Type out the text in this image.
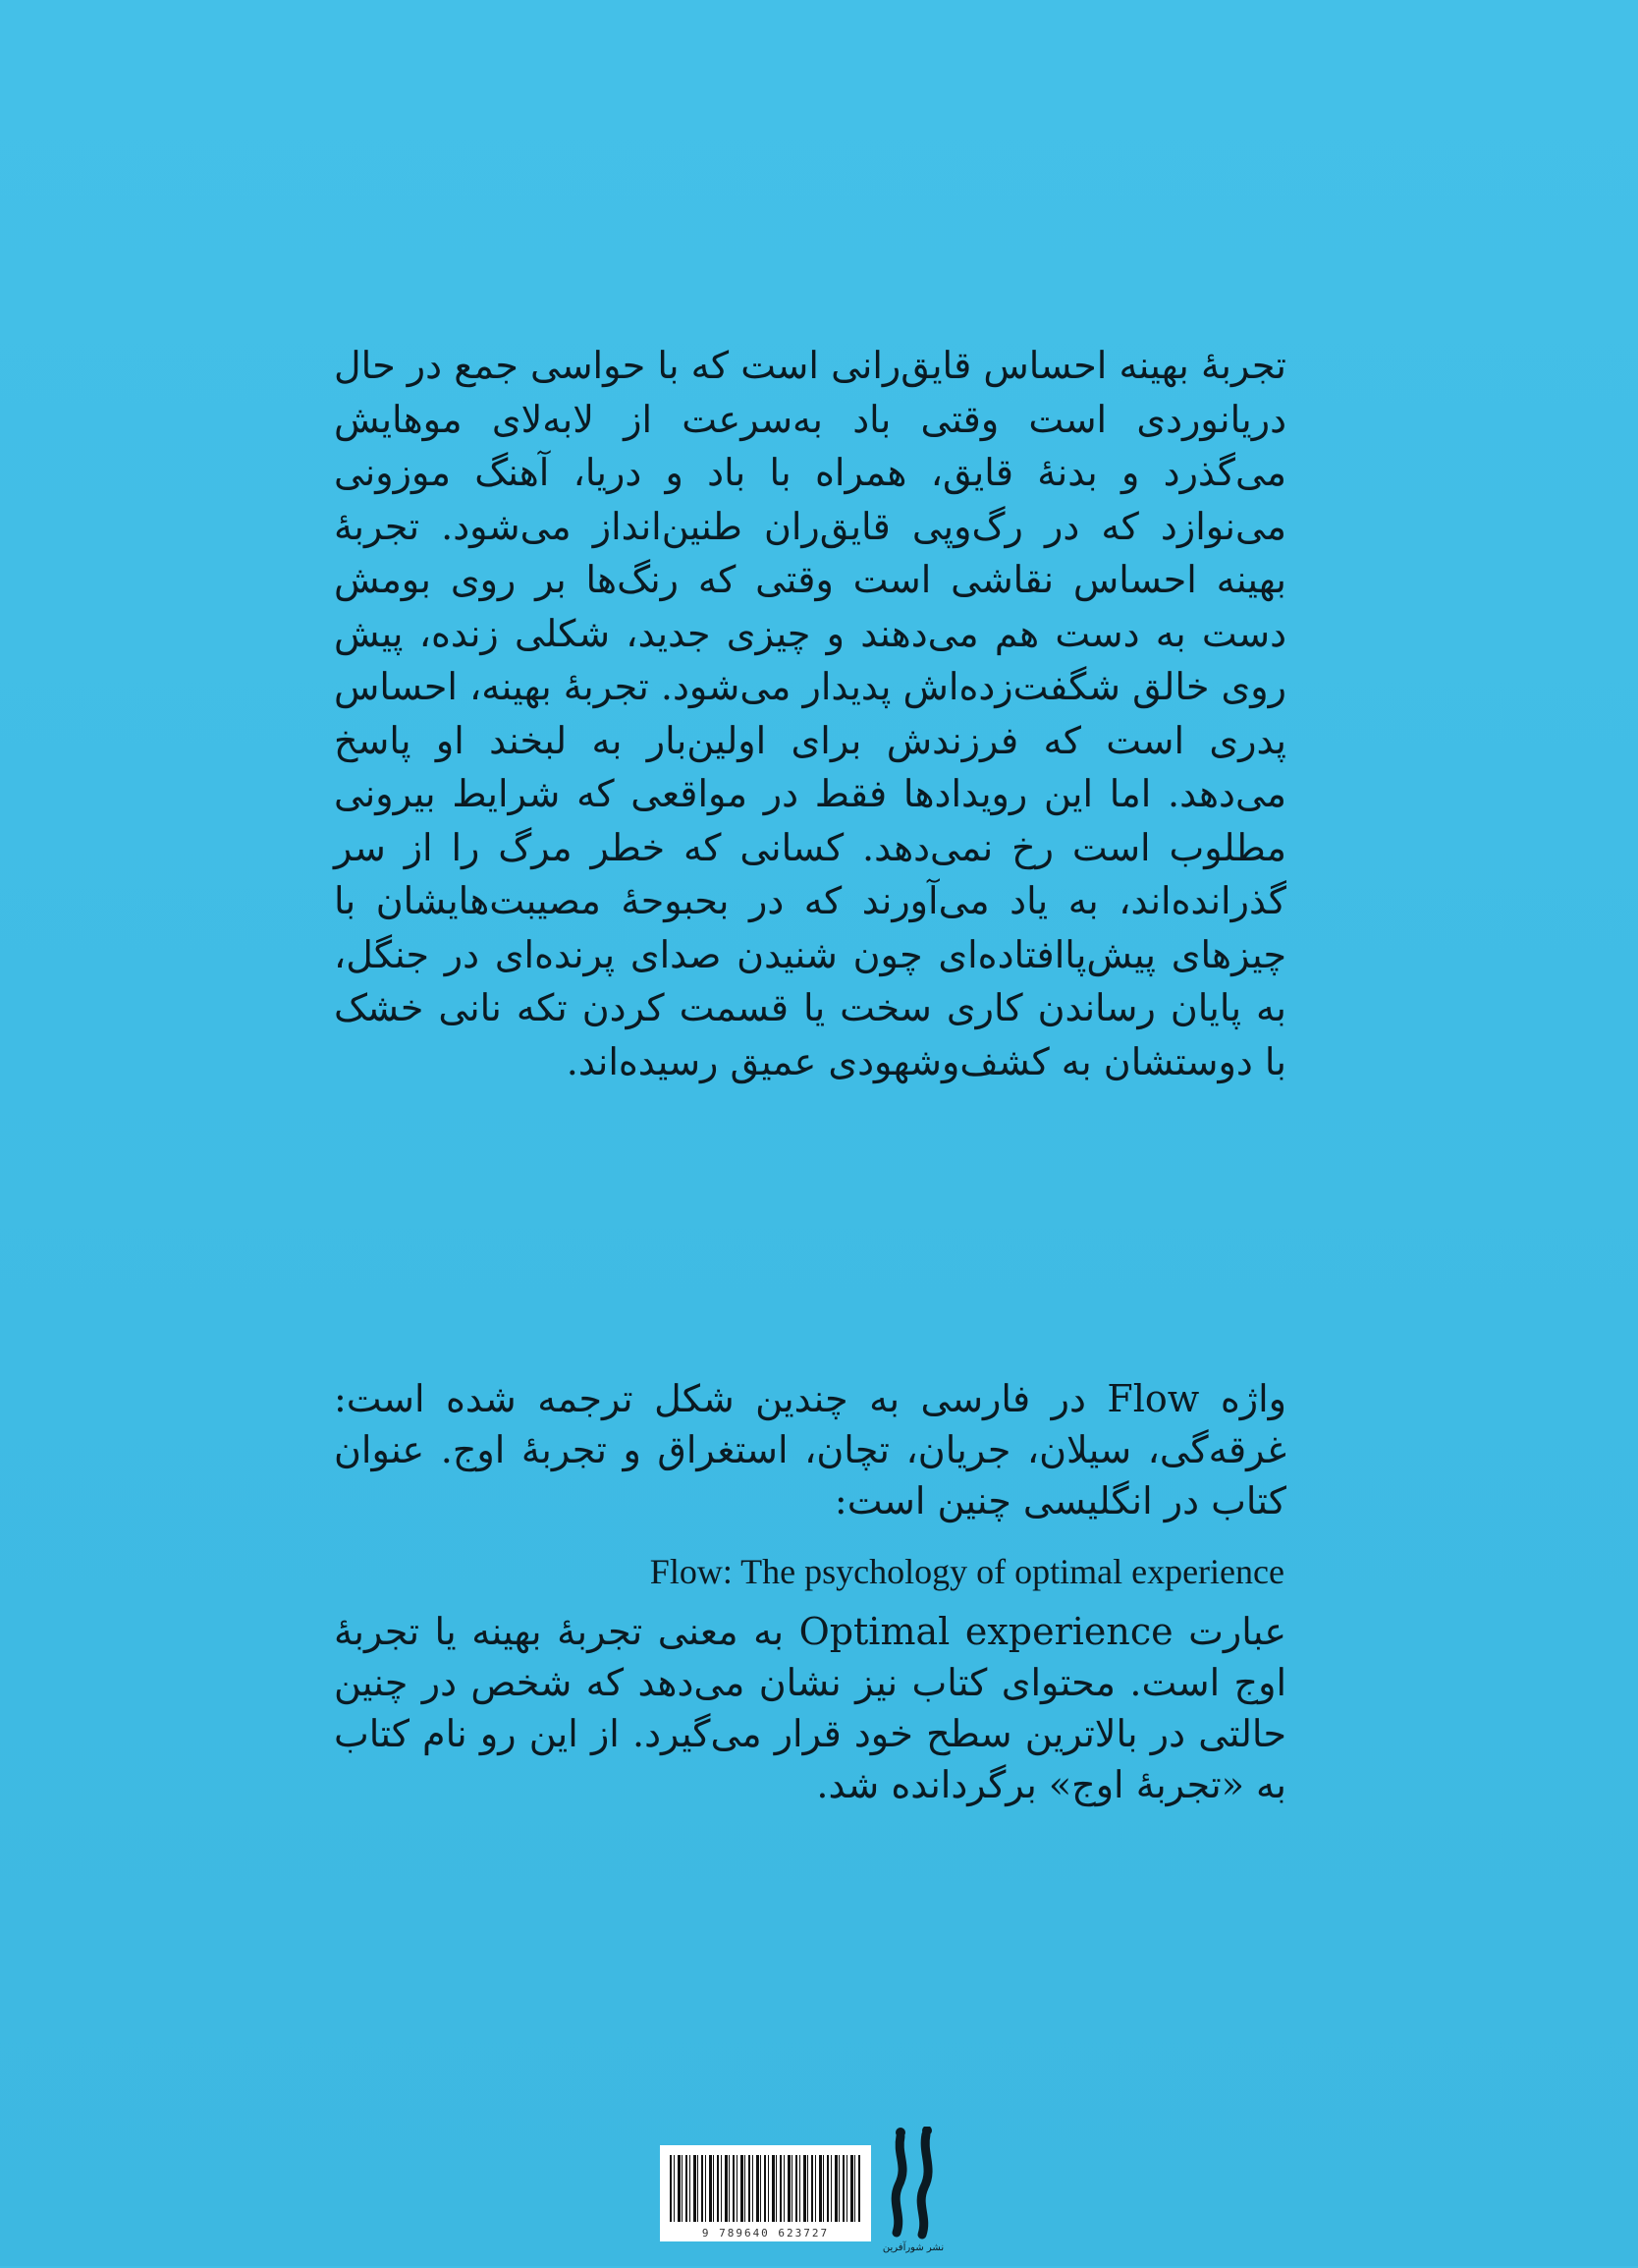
تجربهٔ بهینه احساس قایق‌رانی است که با حواسی جمع در حال دریانوردی است وقتی باد به‌سرعت از لابه‌لای موهایش می‌گذرد و بدنهٔ قایق، همراه با باد و دریا، آهنگ موزونی می‌نوازد که در رگ‌وپی قایق‌ران طنین‌انداز می‌شود. تجربهٔ بهینه احساس نقاشی است وقتی که رنگ‌ها بر روی بومش دست به دست هم می‌دهند و چیزی جدید، شکلی زنده، پیش روی خالق شگفت‌زده‌اش پدیدار می‌شود. تجربهٔ بهینه، احساس پدری است که فرزندش برای اولین‌بار به لبخند او پاسخ می‌دهد. اما این رویدادها فقط در مواقعی که شرایط بیرونی مطلوب است رخ نمی‌دهد. کسانی که خطر مرگ را از سر گذرانده‌اند، به یاد می‌آورند که در بحبوحهٔ مصیبت‌هایشان با چیزهای پیش‌پاافتاده‌ای چون شنیدن صدای پرنده‌ای در جنگل، به پایان رساندن کاری سخت یا قسمت کردن تکه نانی خشک با دوستشان به کشف‌وشهودی عمیق رسیده‌اند.

واژه Flow در فارسی به چندین شکل ترجمه شده است: غرقه‌گی، سیلان، جریان، تچان، استغراق و تجربهٔ اوج. عنوان کتاب در انگلیسی چنین است:

Flow: The psychology of optimal experience

عبارت Optimal experience به معنی تجربهٔ بهینه یا تجربهٔ اوج است. محتوای کتاب نیز نشان می‌دهد که شخص در چنین حالتی در بالاترین سطح خود قرار می‌گیرد. از این رو نام کتاب به «تجربهٔ اوج» برگردانده شد.

9 789640 623727
نشر شورآفرین
